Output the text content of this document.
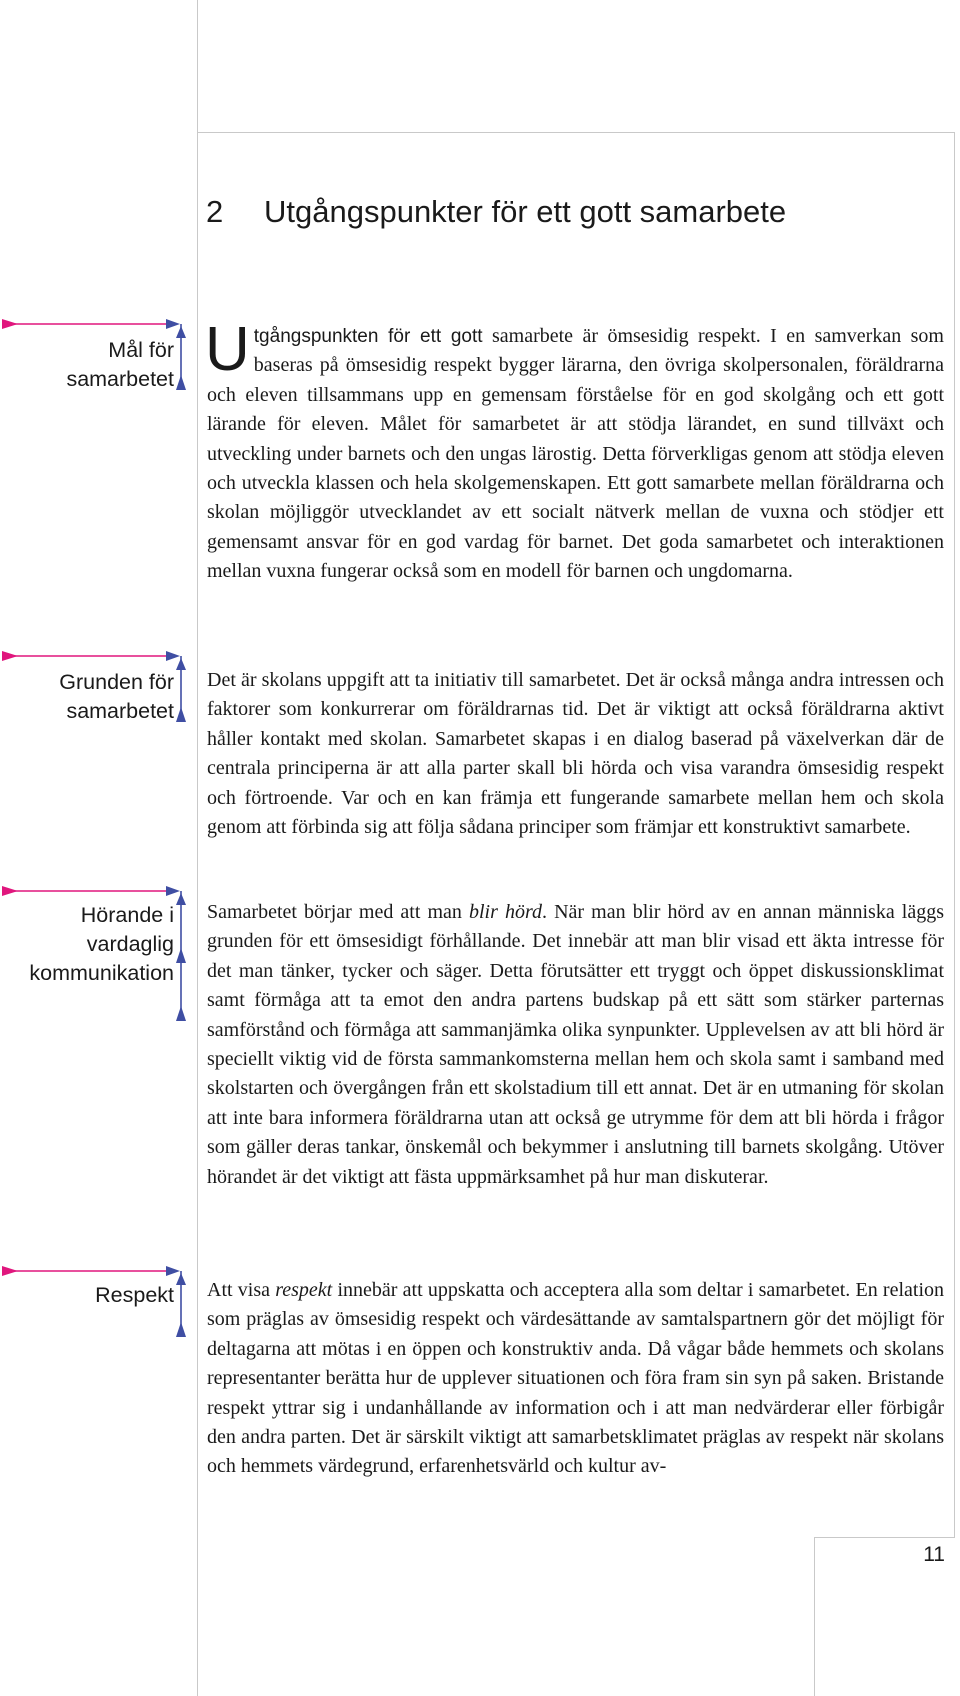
2 Utgångspunkter för ett gott samarbete
Mål för samarbetet
Grunden för samarbetet
Hörande i vardaglig kommunikation
Respekt

Utgångspunkten för ett gott samarbete är ömsesidig respekt. I en samverkan som baseras på ömsesidig respekt bygger lärarna, den övriga skolpersonalen, föräldrarna och eleven tillsammans upp en gemensam förståelse för en god skolgång och ett gott lärande för eleven. Målet för samarbetet är att stödja lärandet, en sund tillväxt och utveckling under barnets och den ungas lärostig. Detta förverkligas genom att stödja eleven och utveckla klassen och hela skolgemenskapen. Ett gott samarbete mellan föräldrarna och skolan möjliggör utvecklandet av ett socialt nätverk mellan de vuxna och stödjer ett gemensamt ansvar för en god vardag för barnet. Det goda samarbetet och interaktionen mellan vuxna fungerar också som en modell för barnen och ungdomarna.

Det är skolans uppgift att ta initiativ till samarbetet. Det är också många andra intressen och faktorer som konkurrerar om föräldrarnas tid. Det är viktigt att också föräldrarna aktivt håller kontakt med skolan. Samarbetet skapas i en dialog baserad på växelverkan där de centrala principerna är att alla parter skall bli hörda och visa varandra ömsesidig respekt och förtroende. Var och en kan främja ett fungerande samarbete mellan hem och skola genom att förbinda sig att följa sådana principer som främjar ett konstruktivt samarbete.

Samarbetet börjar med att man blir hörd. När man blir hörd av en annan människa läggs grunden för ett ömsesidigt förhållande. Det innebär att man blir visad ett äkta intresse för det man tänker, tycker och säger. Detta förutsätter ett tryggt och öppet diskussionsklimat samt förmåga att ta emot den andra partens budskap på ett sätt som stärker parternas samförstånd och förmåga att sammanjämka olika synpunkter. Upplevelsen av att bli hörd är speciellt viktig vid de första sammankomsterna mellan hem och skola samt i samband med skolstarten och övergången från ett skolstadium till ett annat. Det är en utmaning för skolan att inte bara informera föräldrarna utan att också ge utrymme för dem att bli hörda i frågor som gäller deras tankar, önskemål och bekymmer i anslutning till barnets skolgång. Utöver hörandet är det viktigt att fästa uppmärksamhet på hur man diskuterar.

Att visa respekt innebär att uppskatta och acceptera alla som deltar i samarbetet. En relation som präglas av ömsesidig respekt och värdesättande av samtalspartnern gör det möjligt för deltagarna att mötas i en öppen och konstruktiv anda. Då vågar både hemmets och skolans representanter berätta hur de upplever situationen och föra fram sin syn på saken. Bristande respekt yttrar sig i undanhållande av information och i att man nedvärderar eller förbigår den andra parten. Det är särskilt viktigt att samarbetsklimatet präglas av respekt när skolans och hemmets värdegrund, erfarenhetsvärld och kultur av-

11
